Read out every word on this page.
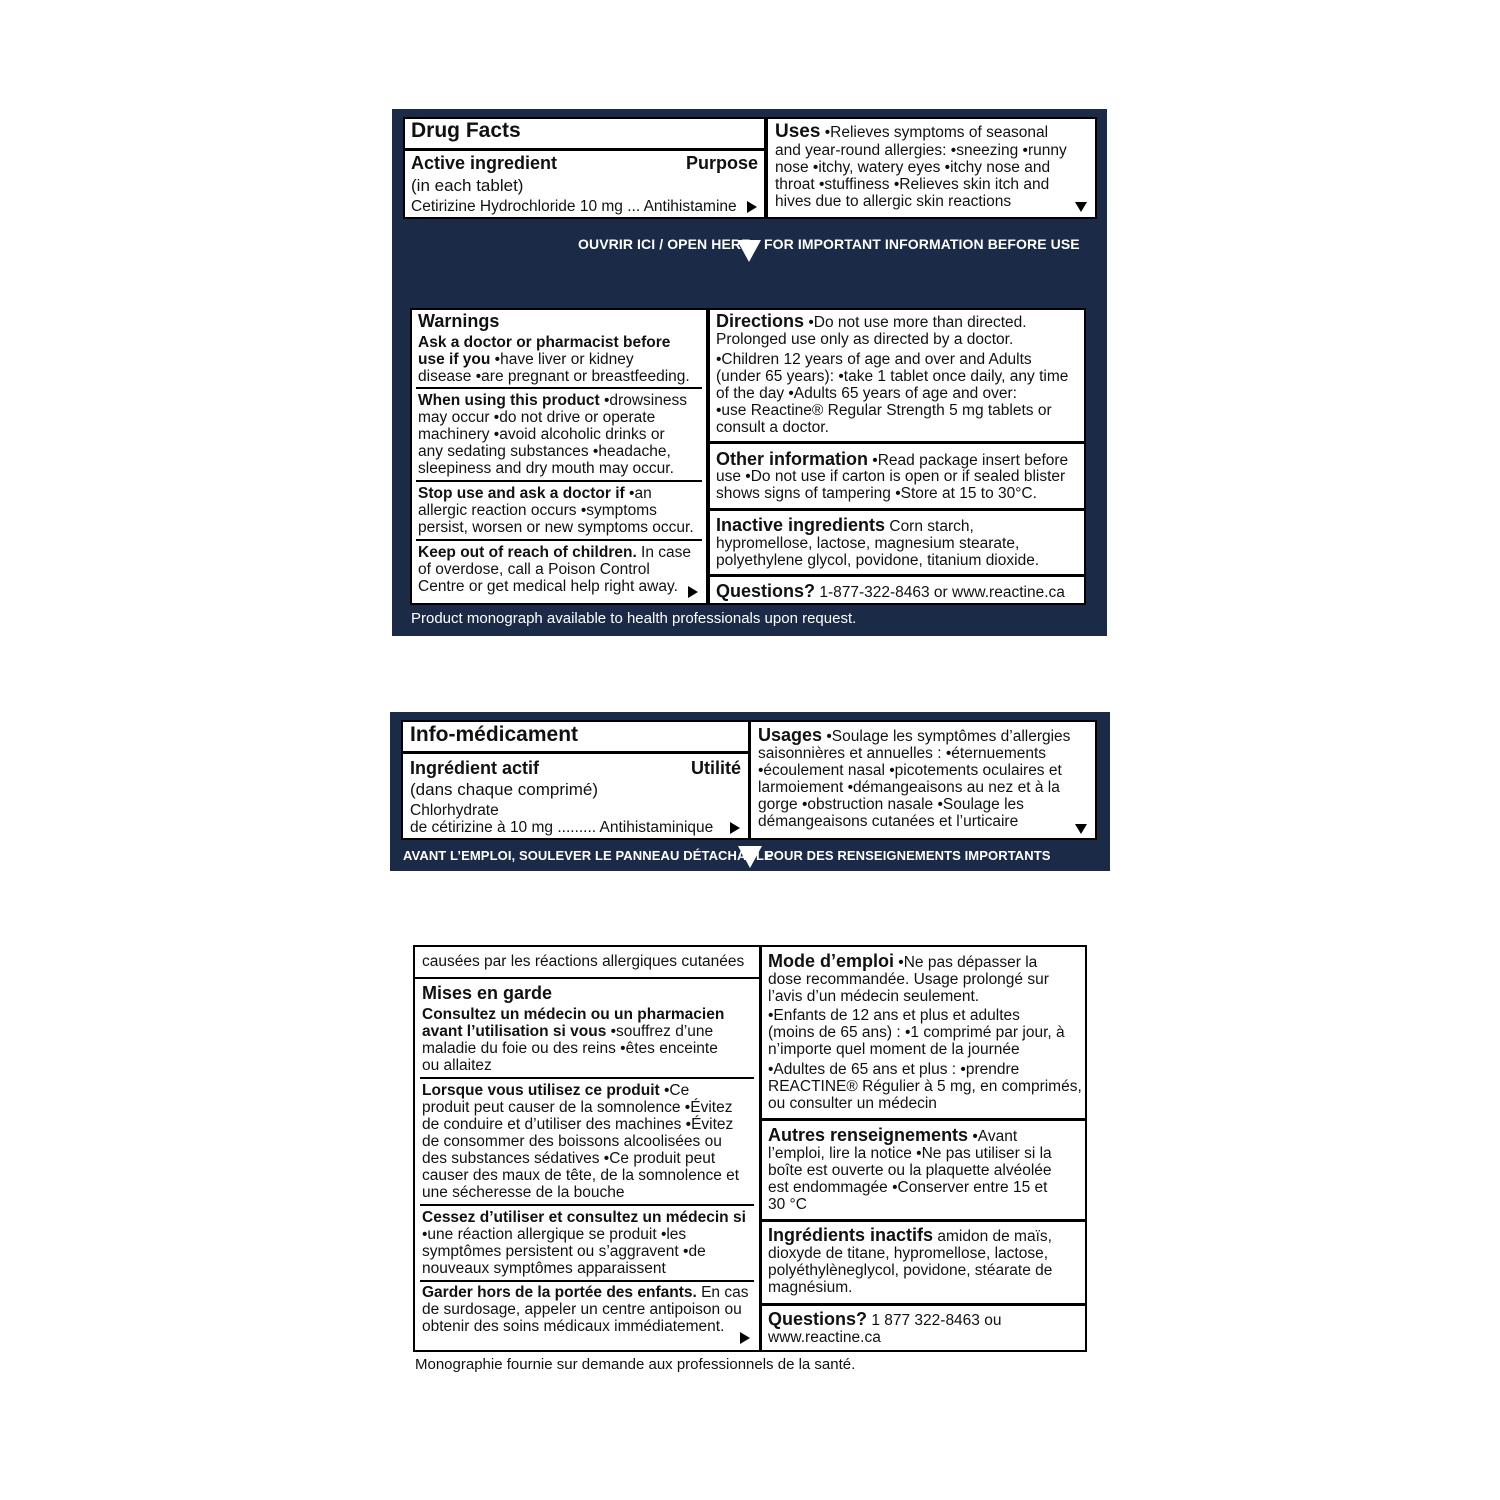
Drug Facts
Active ingredient	Purpose
(in each tablet)
Cetirizine Hydrochloride 10 mg ... Antihistamine
Uses •Relieves symptoms of seasonal
and year-round allergies: •sneezing •runny
nose •itchy, watery eyes •itchy nose and
throat •stuffiness •Relieves skin itch and
hives due to allergic skin reactions
OUVRIR ICI / OPEN HERE FOR IMPORTANT INFORMATION BEFORE USE
Warnings
Ask a doctor or pharmacist before
use if you •have liver or kidney
disease •are pregnant or breastfeeding.
When using this product •drowsiness
may occur •do not drive or operate
machinery •avoid alcoholic drinks or
any sedating substances •headache,
sleepiness and dry mouth may occur.
Stop use and ask a doctor if •an
allergic reaction occurs •symptoms
persist, worsen or new symptoms occur.
Keep out of reach of children. In case
of overdose, call a Poison Control
Centre or get medical help right away.
Directions •Do not use more than directed.
Prolonged use only as directed by a doctor.
•Children 12 years of age and over and Adults
(under 65 years): •take 1 tablet once daily, any time
of the day •Adults 65 years of age and over:
•use Reactine® Regular Strength 5 mg tablets or
consult a doctor.
Other information •Read package insert before
use •Do not use if carton is open or if sealed blister
shows signs of tampering •Store at 15 to 30°C.
Inactive ingredients Corn starch,
hypromellose, lactose, magnesium stearate,
polyethylene glycol, povidone, titanium dioxide.
Questions? 1-877-322-8463 or www.reactine.ca
Product monograph available to health professionals upon request.
Info-médicament
Ingrédient actif	Utilité
(dans chaque comprimé)
Chlorhydrate
de cétirizine à 10 mg ......... Antihistaminique
Usages •Soulage les symptômes d’allergies
saisonnières et annuelles : •éternuements
•écoulement nasal •picotements oculaires et
larmoiement •démangeaisons au nez et à la
gorge •obstruction nasale •Soulage les
démangeaisons cutanées et l’urticaire
AVANT L’EMPLOI, SOULEVER LE PANNEAU DÉTACHABLE
POUR DES RENSEIGNEMENTS IMPORTANTS
causées par les réactions allergiques cutanées
Mises en garde
Consultez un médecin ou un pharmacien
avant l’utilisation si vous •souffrez d’une
maladie du foie ou des reins •êtes enceinte
ou allaitez
Lorsque vous utilisez ce produit •Ce
produit peut causer de la somnolence •Évitez
de conduire et d’utiliser des machines •Évitez
de consommer des boissons alcoolisées ou
des substances sédatives •Ce produit peut
causer des maux de tête, de la somnolence et
une sécheresse de la bouche
Cessez d’utiliser et consultez un médecin si
•une réaction allergique se produit •les
symptômes persistent ou s’aggravent •de
nouveaux symptômes apparaissent
Garder hors de la portée des enfants. En cas
de surdosage, appeler un centre antipoison ou
obtenir des soins médicaux immédiatement.
Mode d’emploi •Ne pas dépasser la
dose recommandée. Usage prolongé sur
l’avis d’un médecin seulement.
•Enfants de 12 ans et plus et adultes
(moins de 65 ans) : •1 comprimé par jour, à
n’importe quel moment de la journée
•Adultes de 65 ans et plus : •prendre
REACTINE® Régulier à 5 mg, en comprimés,
ou consulter un médecin
Autres renseignements •Avant
l’emploi, lire la notice •Ne pas utiliser si la
boîte est ouverte ou la plaquette alvéolée
est endommagée •Conserver entre 15 et
30 °C
Ingrédients inactifs amidon de maïs,
dioxyde de titane, hypromellose, lactose,
polyéthylèneglycol, povidone, stéarate de
magnésium.
Questions? 1 877 322-8463 ou
www.reactine.ca
Monographie fournie sur demande aux professionnels de la santé.
